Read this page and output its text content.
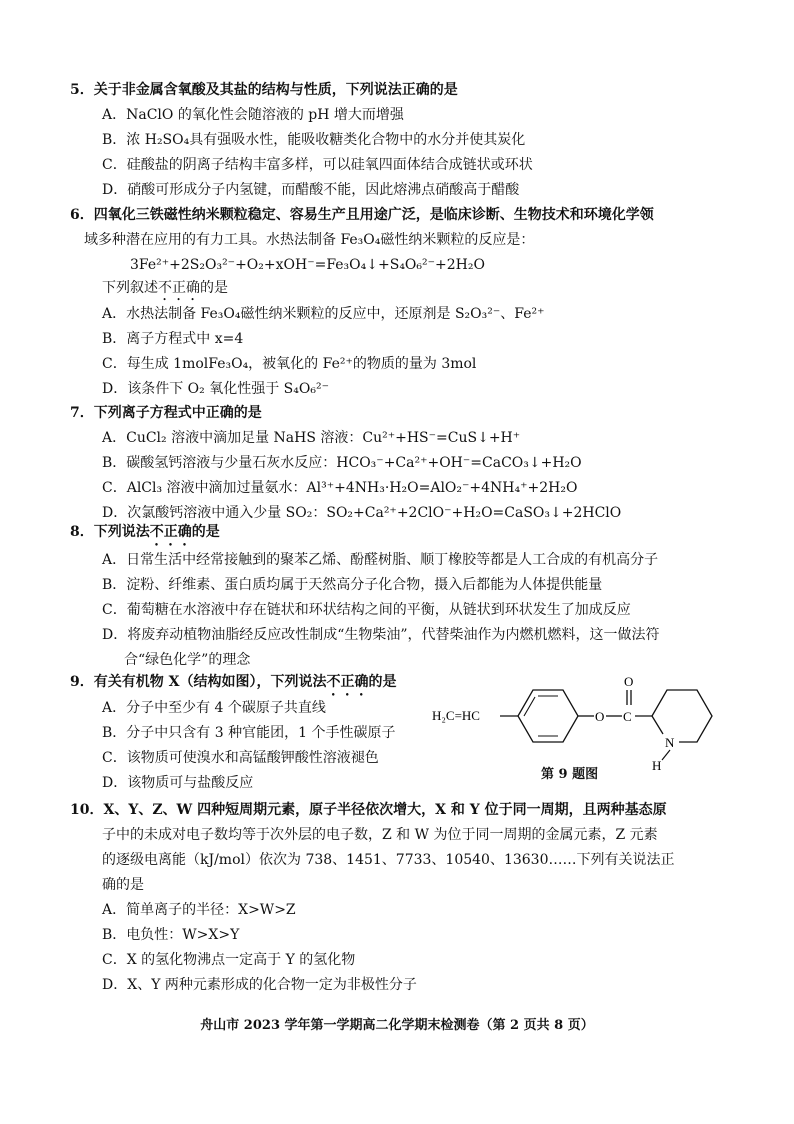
5．关于非金属含氧酸及其盐的结构与性质，下列说法正确的是
A．NaClO 的氧化性会随溶液的 pH 增大而增强
B．浓 H₂SO₄具有强吸水性，能吸收糖类化合物中的水分并使其炭化
C．硅酸盐的阴离子结构丰富多样，可以硅氧四面体结合成链状或环状
D．硝酸可形成分子内氢键，而醋酸不能，因此熔沸点硝酸高于醋酸
6．四氧化三铁磁性纳米颗粒稳定、容易生产且用途广泛，是临床诊断、生物技术和环境化学领
域多种潜在应用的有力工具。水热法制备 Fe₃O₄磁性纳米颗粒的反应是：
3Fe²⁺+2S₂O₃²⁻+O₂+xOH⁻=Fe₃O₄↓+S₄O₆²⁻+2H₂O
下列叙述不正确的是
A．水热法制备 Fe₃O₄磁性纳米颗粒的反应中，还原剂是 S₂O₃²⁻、Fe²⁺
B．离子方程式中 x=4
C．每生成 1molFe₃O₄，被氧化的 Fe²⁺的物质的量为 3mol
D．该条件下 O₂ 氧化性强于 S₄O₆²⁻
7．下列离子方程式中正确的是
A．CuCl₂ 溶液中滴加足量 NaHS 溶液：Cu²⁺+HS⁻=CuS↓+H⁺
B．碳酸氢钙溶液与少量石灰水反应：HCO₃⁻+Ca²⁺+OH⁻=CaCO₃↓+H₂O
C．AlCl₃ 溶液中滴加过量氨水：Al³⁺+4NH₃·H₂O=AlO₂⁻+4NH₄⁺+2H₂O
D．次氯酸钙溶液中通入少量 SO₂：SO₂+Ca²⁺+2ClO⁻+H₂O=CaSO₃↓+2HClO
8．下列说法不正确的是
A．日常生活中经常接触到的聚苯乙烯、酚醛树脂、顺丁橡胶等都是人工合成的有机高分子
B．淀粉、纤维素、蛋白质均属于天然高分子化合物，摄入后都能为人体提供能量
C．葡萄糖在水溶液中存在链状和环状结构之间的平衡，从链状到环状发生了加成反应
D．将废弃动植物油脂经反应改性制成“生物柴油”，代替柴油作为内燃机燃料，这一做法符
合“绿色化学”的理念
9．有关有机物 X（结构如图），下列说法不正确的是
A．分子中至少有 4 个碳原子共直线
B．分子中只含有 3 种官能团，1 个手性碳原子
C．该物质可使溴水和高锰酸钾酸性溶液褪色
D．该物质可与盐酸反应
H₂C=HC	O C
O
N
H
第 9 题图
10．X、Y、Z、W 四种短周期元素，原子半径依次增大，X 和 Y 位于同一周期，且两种基态原
子中的未成对电子数均等于次外层的电子数，Z 和 W 为位于同一周期的金属元素，Z 元素
的逐级电离能（kJ/mol）依次为 738、1451、7733、10540、13630……下列有关说法正
确的是
A．简单离子的半径：X>W>Z
B．电负性：W>X>Y
C．X 的氢化物沸点一定高于 Y 的氢化物
D．X、Y 两种元素形成的化合物一定为非极性分子
舟山市 2023 学年第一学期高二化学期末检测卷（第 2 页共 8 页）
